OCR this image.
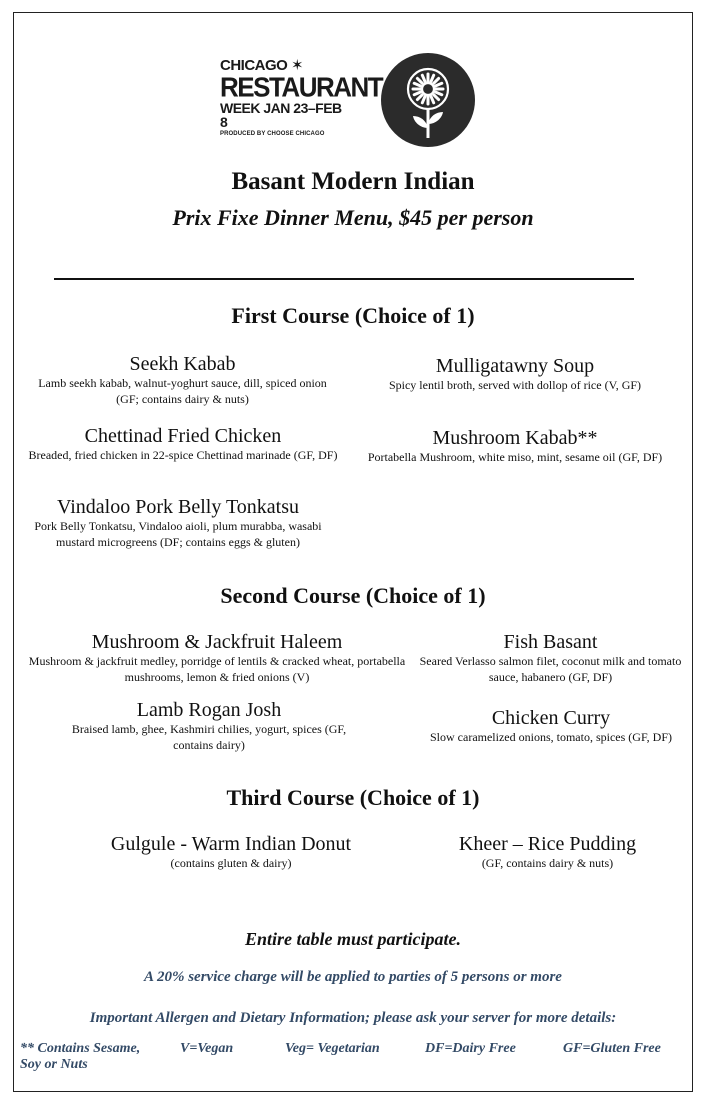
CHICAGO ✶
RESTAURANT
WEEK JAN 23–FEB 8
PRODUCED BY CHOOSE CHICAGO
Basant Modern Indian
Prix Fixe Dinner Menu, $45 per person
First Course (Choice of 1)
Seekh Kabab
Lamb seekh kabab, walnut-yoghurt sauce, dill, spiced onion (GF; contains dairy & nuts)
Mulligatawny Soup
Spicy lentil broth, served with dollop of rice (V, GF)
Chettinad Fried Chicken
Breaded, fried chicken in 22-spice Chettinad marinade (GF, DF)
Mushroom Kabab**
Portabella Mushroom, white miso, mint, sesame oil (GF, DF)
Vindaloo Pork Belly Tonkatsu
Pork Belly Tonkatsu, Vindaloo aioli, plum murabba, wasabi mustard microgreens (DF; contains eggs & gluten)
Second Course (Choice of 1)
Mushroom & Jackfruit Haleem
Mushroom & jackfruit medley, porridge of lentils & cracked wheat, portabella mushrooms, lemon & fried onions (V)
Fish Basant
Seared Verlasso salmon filet, coconut milk and tomato sauce, habanero (GF, DF)
Lamb Rogan Josh
Braised lamb, ghee, Kashmiri chilies, yogurt, spices (GF, contains dairy)
Chicken Curry
Slow caramelized onions, tomato, spices (GF, DF)
Third Course (Choice of 1)
Gulgule - Warm Indian Donut
(contains gluten & dairy)
Kheer – Rice Pudding
(GF, contains dairy & nuts)
Entire table must participate.
A 20% service charge will be applied to parties of 5 persons or more
Important Allergen and Dietary Information; please ask your server for more details:
** Contains Sesame, Soy or Nuts
V=Vegan	Veg= Vegetarian	DF=Dairy Free	GF=Gluten Free
